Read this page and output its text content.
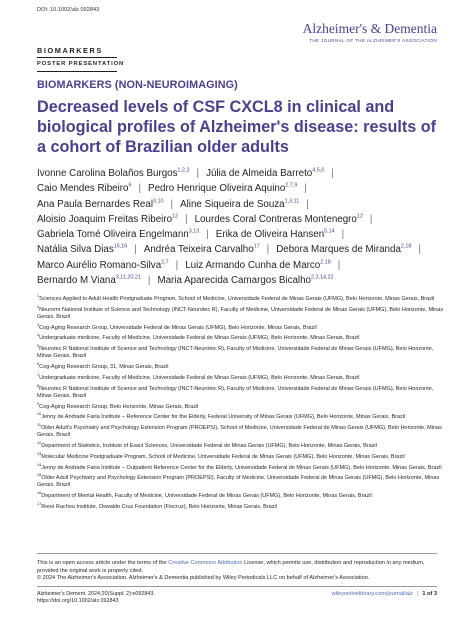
DOI: 10.1002/alz.092843
Alzheimer's & Dementia
THE JOURNAL OF THE ALZHEIMER'S ASSOCIATION
BIOMARKERS
POSTER PRESENTATION
BIOMARKERS (NON-NEUROIMAGING)
Decreased levels of CSF CXCL8 in clinical and biological profiles of Alzheimer's disease: results of a cohort of Brazilian older adults
Ivonne Carolina Bolaños Burgos$^{1,2,3}$ | Júlia de Almeida Barreto$^{4,5,6}$ |
Caio Mendes Ribeiro$^6$ | Pedro Henrique Oliveira Aquino$^{2,7,9}$ |
Ana Paula Bernardes Real$^{3,10}$ | Aline Siqueira de Souza$^{1,3,11}$ |
Aloisio Joaquim Freitas Ribeiro$^{12}$ | Lourdes Coral Contreras Montenegro$^{12}$ |
Gabriela Tomé Oliveira Engelmann$^{3,13}$ | Erika de Oliveira Hansen$^{5,14}$ |
Natália Silva Dias$^{15,16}$ | Andréa Teixeira Carvalho$^{17}$ | Debora Marques de Miranda$^{2,18}$ |
Marco Aurélio Romano-Silva$^{2,7}$ | Luiz Armando Cunha de Marco$^{2,18}$ |
Bernardo M Viana$^{3,11,20,21}$ | Maria Aparecida Camargos Bicalho$^{2,3,14,22}$
$^1$Sciences Applied to Adult Health Postgraduate Program, School of Medicine, Universidade Federal de Minas Gerais (UFMG), Belo Horizonte, Minas Gerais, Brazil
$^2$Neuromr National Institute of Science and Technology (INCT-Neurotec R), Faculty of Medicine, Universidade Federal de Minas Gerais (UFMG), Belo Horizonte, Minas Gerais, Brazil
$^3$Cog-Aging Research Group, Universidade Federal de Minas Gerais (UFMG), Belo Horizonte, Minas Gerais, Brazil
$^4$Undergraduate medicine, Faculty of Medicine, Universidade Federal de Minas Gerais (UFMG), Belo Horizonte, Minas Gerais, Brazil
$^5$Neurotec R National Institute of Science and Technology (INCT-Neurotec R), Faculty of Medicine, Universidade Federal de Minas Gerais (UFMG), Belo Horizonte, Minas Gerais, Brazil
$^6$Cog-Aging Research Group, 31, Minas Gerais, Brazil
$^7$Undergraduate medicine, Faculty of Medicine, Universidade Federal de Minas Gerais (UFMG), Belo Horizonte, Minas Gerais, Brazil
$^8$Neurotec R National Institute of Science and Technology (INCT-Neurotec R), Faculty of Medicine, Universidade Federal de Minas Gerais (UFMG), Belo Horizonte, Minas Gerais, Brazil
$^9$Cog-Aging Research Group, Belo Horizonte, Minas Gerais, Brazil
$^{10}$Jenny de Andrade Faria Institute – Reference Center for the Elderly, Federal University of Minas Gerais (UFMG), Belo Horizonte, Minas Gerais, Brazil
$^{11}$Older Adult's Psychiatry and Psychology Extension Program (PROEPSI), School of Medicine, Universidade Federal de Minas Gerais (UFMG), Belo Horizonte, Minas Gerais, Brazil
$^{12}$Department of Statistics, Institute of Exact Sciences, Universidade Federal de Minas Gerais (UFMG), Belo Horizonte, Minas Gerais, Brazil
$^{13}$Molecular Medicine Postgraduate Program, School of Medicine, Universidade Federal de Minas Gerais (UFMG), Belo Horizonte, Minas Gerais, Brazil
$^{14}$Jenny de Andrade Faria Institute – Outpatient Reference Center for the Elderly, Universidade Federal de Minas Gerais (UFMG), Belo Horizonte, Minas Gerais, Brazil
$^{15}$Older Adult Psychiatry and Psychology Extension Program (PROEPSI), Faculty of Medicine, Universidade Federal de Minas Gerais (UFMG), Belo Horizonte, Minas Gerais, Brazil
$^{16}$Department of Mental Health, Faculty of Medicine, Universidade Federal de Minas Gerais (UFMG), Belo Horizonte, Minas Gerais, Brazil
$^{17}$René Rachou Institute, Oswaldo Cruz Foundation (Fiocruz), Belo Horizonte, Minas Gerais, Brazil
This is an open access article under the terms of the Creative Commons Attribution License, which permits use, distribution and reproduction in any medium, provided the original work is properly cited.
© 2024 The Alzheimer's Association. Alzheimer's & Dementia published by Wiley Periodicals LLC on behalf of Alzheimer's Association.
Alzheimer's Dement. 2024;20(Suppl. 2):e092843.
https://doi.org/10.1002/alz.092843
wileyonlinelibrary.com/journal/alz | 1 of 3
